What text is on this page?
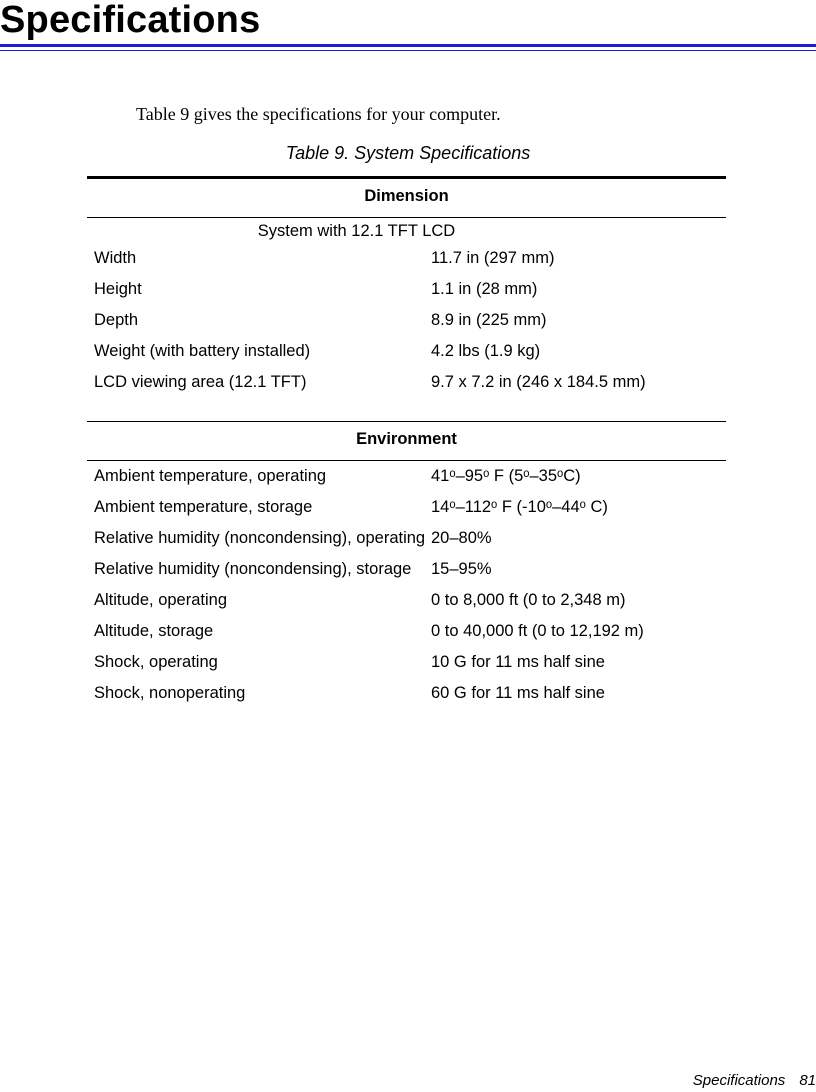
Specifications

Table 9 gives the specifications for your computer.

Table 9. System Specifications

Dimension
System with 12.1 TFT LCD
Width	11.7 in (297 mm)
Height	1.1 in (28 mm)
Depth	8.9 in (225 mm)
Weight (with battery installed)	4.2 lbs (1.9 kg)
LCD viewing area (12.1 TFT)	9.7 x 7.2 in (246 x 184.5 mm)
Environment
Ambient temperature, operating	41ᵒ–95ᵒ F (5ᵒ–35ᵒC)
Ambient temperature, storage	14ᵒ–112ᵒ F (-10ᵒ–44ᵒ C)
Relative humidity (noncondensing), operating 20–80%
Relative humidity (noncondensing), storage	15–95%
Altitude, operating	0 to 8,000 ft (0 to 2,348 m)
Altitude, storage	0 to 40,000 ft (0 to 12,192 m)
Shock, operating	10 G for 11 ms half sine
Shock, nonoperating	60 G for 11 ms half sine
Specifications 81
